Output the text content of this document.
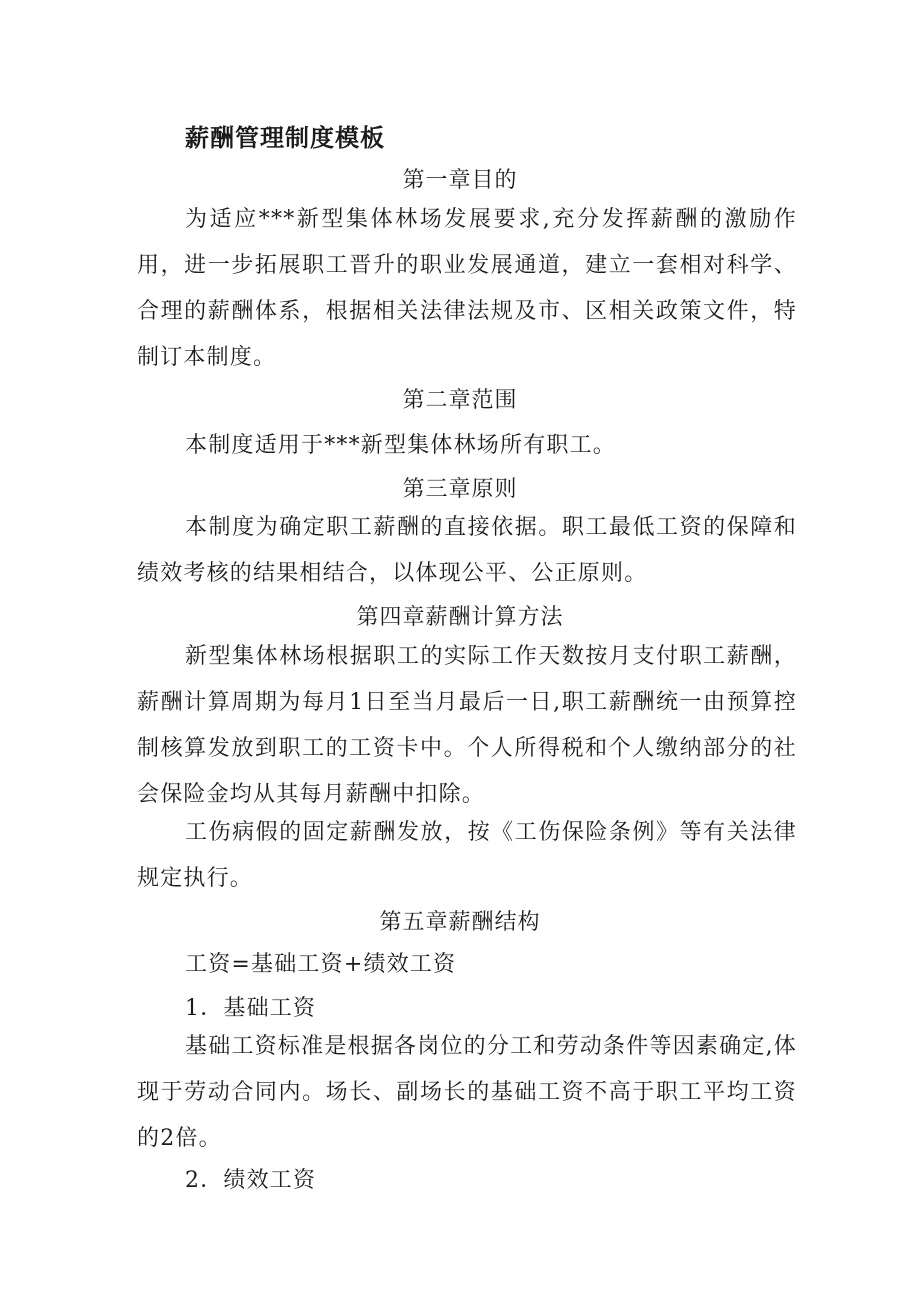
薪酬管理制度模板
第一章目的
为适应***新型集体林场发展要求,充分发挥薪酬的激励作用，进一步拓展职工晋升的职业发展通道，建立一套相对科学、合理的薪酬体系，根据相关法律法规及市、区相关政策文件，特制订本制度。
第二章范围
本制度适用于***新型集体林场所有职工。
第三章原则
本制度为确定职工薪酬的直接依据。职工最低工资的保障和绩效考核的结果相结合，以体现公平、公正原则。
第四章薪酬计算方法
新型集体林场根据职工的实际工作天数按月支付职工薪酬，薪酬计算周期为每月1日至当月最后一日,职工薪酬统一由预算控制核算发放到职工的工资卡中。个人所得税和个人缴纳部分的社会保险金均从其每月薪酬中扣除。
工伤病假的固定薪酬发放，按《工伤保险条例》等有关法律规定执行。
第五章薪酬结构
工资=基础工资+绩效工资
1．基础工资
基础工资标准是根据各岗位的分工和劳动条件等因素确定,体现于劳动合同内。场长、副场长的基础工资不高于职工平均工资的2倍。
2．绩效工资
